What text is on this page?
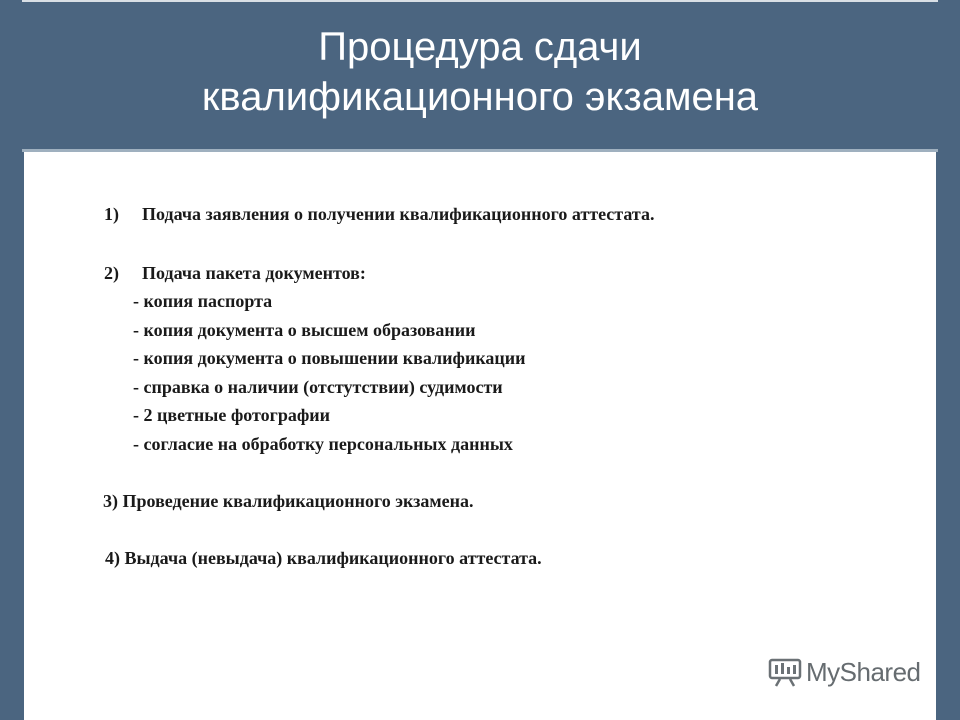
Процедура сдачи
квалификационного экзамена
1) Подача заявления о получении квалификационного аттестата.
2) Подача пакета документов:
- копия паспорта
- копия документа о высшем образовании
- копия документа о повышении квалификации
- справка о наличии (отстутствии) судимости
- 2 цветные фотографии
- согласие на обработку персональных данных
3) Проведение квалификационного экзамена.
4) Выдача (невыдача) квалификационного аттестата.
MyShared
